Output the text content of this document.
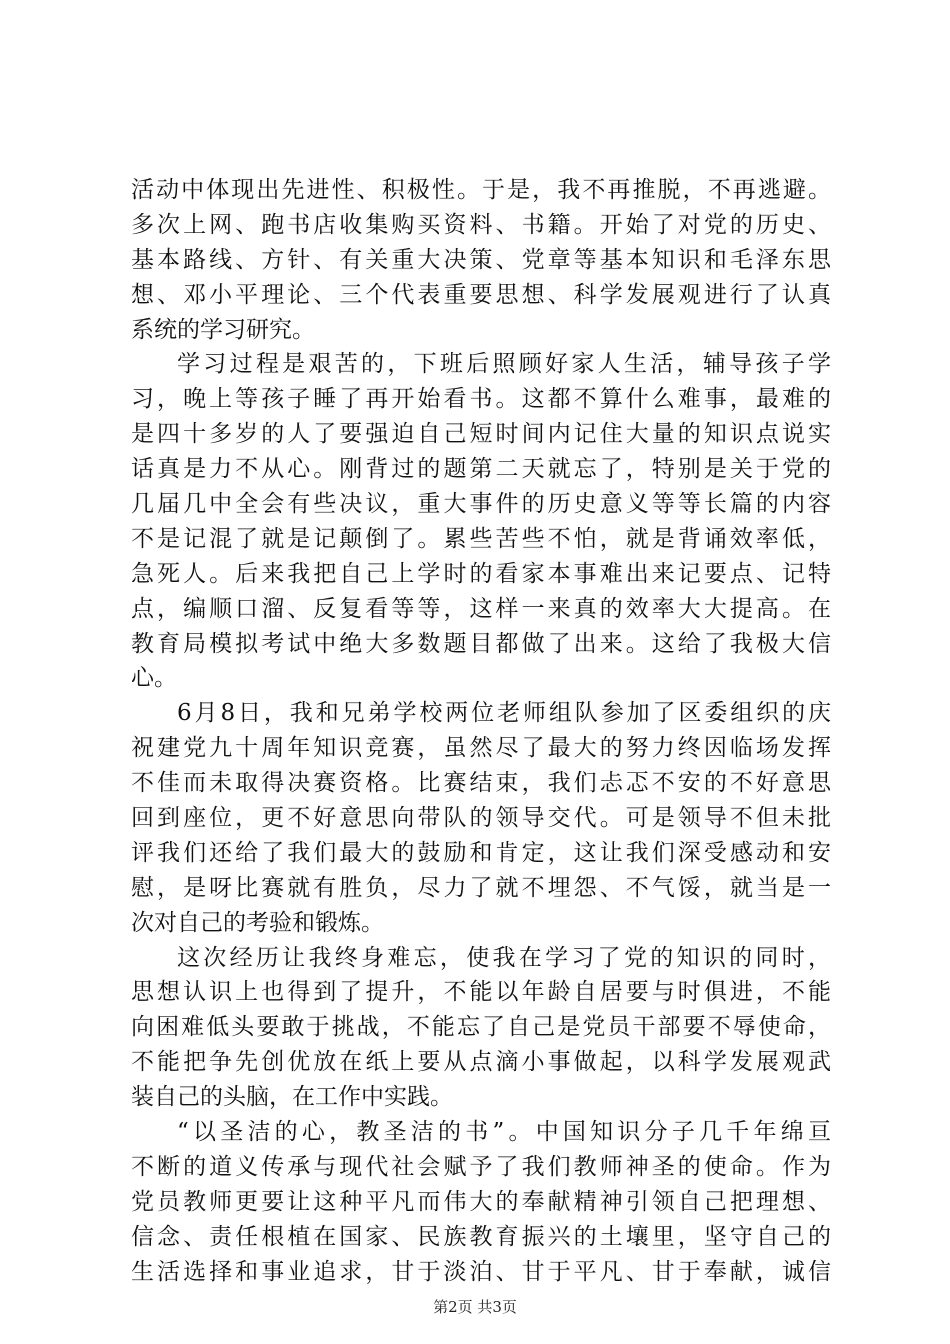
活动中体现出先进性、积极性。于是，我不再推脱，不再逃避。
多次上网、跑书店收集购买资料、书籍。开始了对党的历史、
基本路线、方针、有关重大决策、党章等基本知识和毛泽东思
想、邓小平理论、三个代表重要思想、科学发展观进行了认真
系统的学习研究。
学习过程是艰苦的，下班后照顾好家人生活，辅导孩子学
习，晚上等孩子睡了再开始看书。这都不算什么难事，最难的
是四十多岁的人了要强迫自己短时间内记住大量的知识点说实
话真是力不从心。刚背过的题第二天就忘了，特别是关于党的
几届几中全会有些决议，重大事件的历史意义等等长篇的内容
不是记混了就是记颠倒了。累些苦些不怕，就是背诵效率低，
急死人。后来我把自己上学时的看家本事难出来记要点、记特
点，编顺口溜、反复看等等，这样一来真的效率大大提高。在
教育局模拟考试中绝大多数题目都做了出来。这给了我极大信
心。
6月8日，我和兄弟学校两位老师组队参加了区委组织的庆
祝建党九十周年知识竞赛，虽然尽了最大的努力终因临场发挥
不佳而未取得决赛资格。比赛结束，我们忐忑不安的不好意思
回到座位，更不好意思向带队的领导交代。可是领导不但未批
评我们还给了我们最大的鼓励和肯定，这让我们深受感动和安
慰，是呀比赛就有胜负，尽力了就不埋怨、不气馁，就当是一
次对自己的考验和锻炼。
这次经历让我终身难忘，使我在学习了党的知识的同时，
思想认识上也得到了提升，不能以年龄自居要与时俱进，不能
向困难低头要敢于挑战，不能忘了自己是党员干部要不辱使命，
不能把争先创优放在纸上要从点滴小事做起，以科学发展观武
装自己的头脑，在工作中实践。
“以圣洁的心，教圣洁的书”。中国知识分子几千年绵亘
不断的道义传承与现代社会赋予了我们教师神圣的使命。作为
党员教师更要让这种平凡而伟大的奉献精神引领自己把理想、
信念、责任根植在国家、民族教育振兴的土壤里，坚守自己的
生活选择和事业追求，甘于淡泊、甘于平凡、甘于奉献，诚信
第2页 共3页
